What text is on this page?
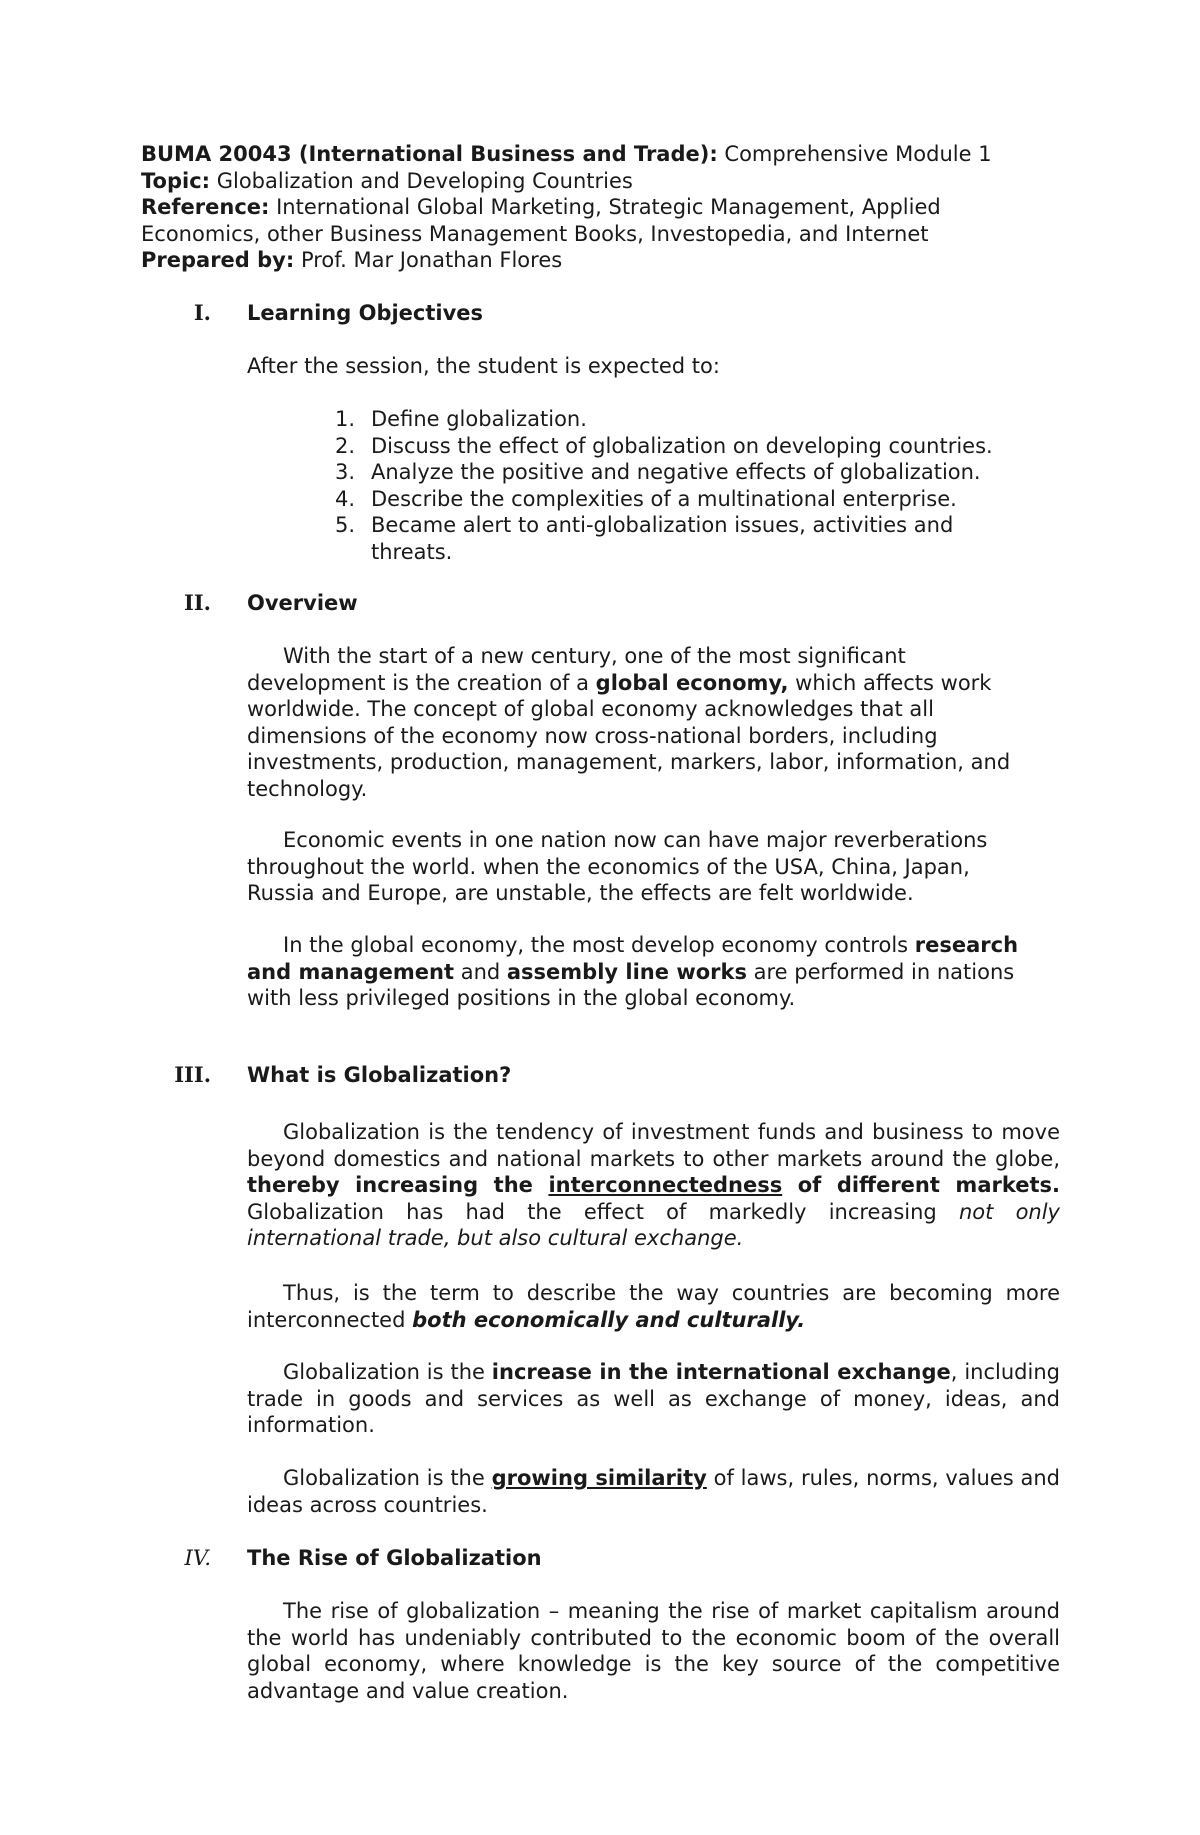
BUMA 20043 (International Business and Trade): Comprehensive Module 1

Topic: Globalization and Developing Countries

Reference: International Global Marketing, Strategic Management, Applied

Economics, other Business Management Books, Investopedia, and Internet

Prepared by: Prof. Mar Jonathan Flores

I. Learning Objectives

After the session, the student is expected to:

1. Define globalization.
2. Discuss the effect of globalization on developing countries.
3. Analyze the positive and negative effects of globalization.
4. Describe the complexities of a multinational enterprise.
5. Became alert to anti-globalization issues, activities and threats.
II. Overview

With the start of a new century, one of the most significant development is the creation of a global economy, which affects work worldwide. The concept of global economy acknowledges that all dimensions of the economy now cross-national borders, including investments, production, management, markers, labor, information, and technology.

Economic events in one nation now can have major reverberations throughout the world. when the economics of the USA, China, Japan, Russia and Europe, are unstable, the effects are felt worldwide.

In the global economy, the most develop economy controls research and management and assembly line works are performed in nations with less privileged positions in the global economy.

III. What is Globalization?

Globalization is the tendency of investment funds and business to move beyond domestics and national markets to other markets around the globe, thereby increasing the interconnectedness of different markets. Globalization has had the effect of markedly increasing not only international trade, but also cultural exchange.

Thus, is the term to describe the way countries are becoming more interconnected both economically and culturally.

Globalization is the increase in the international exchange, including trade in goods and services as well as exchange of money, ideas, and information.

Globalization is the growing similarity of laws, rules, norms, values and ideas across countries.

IV. The Rise of Globalization

The rise of globalization – meaning the rise of market capitalism around the world has undeniably contributed to the economic boom of the overall global economy, where knowledge is the key source of the competitive advantage and value creation.
